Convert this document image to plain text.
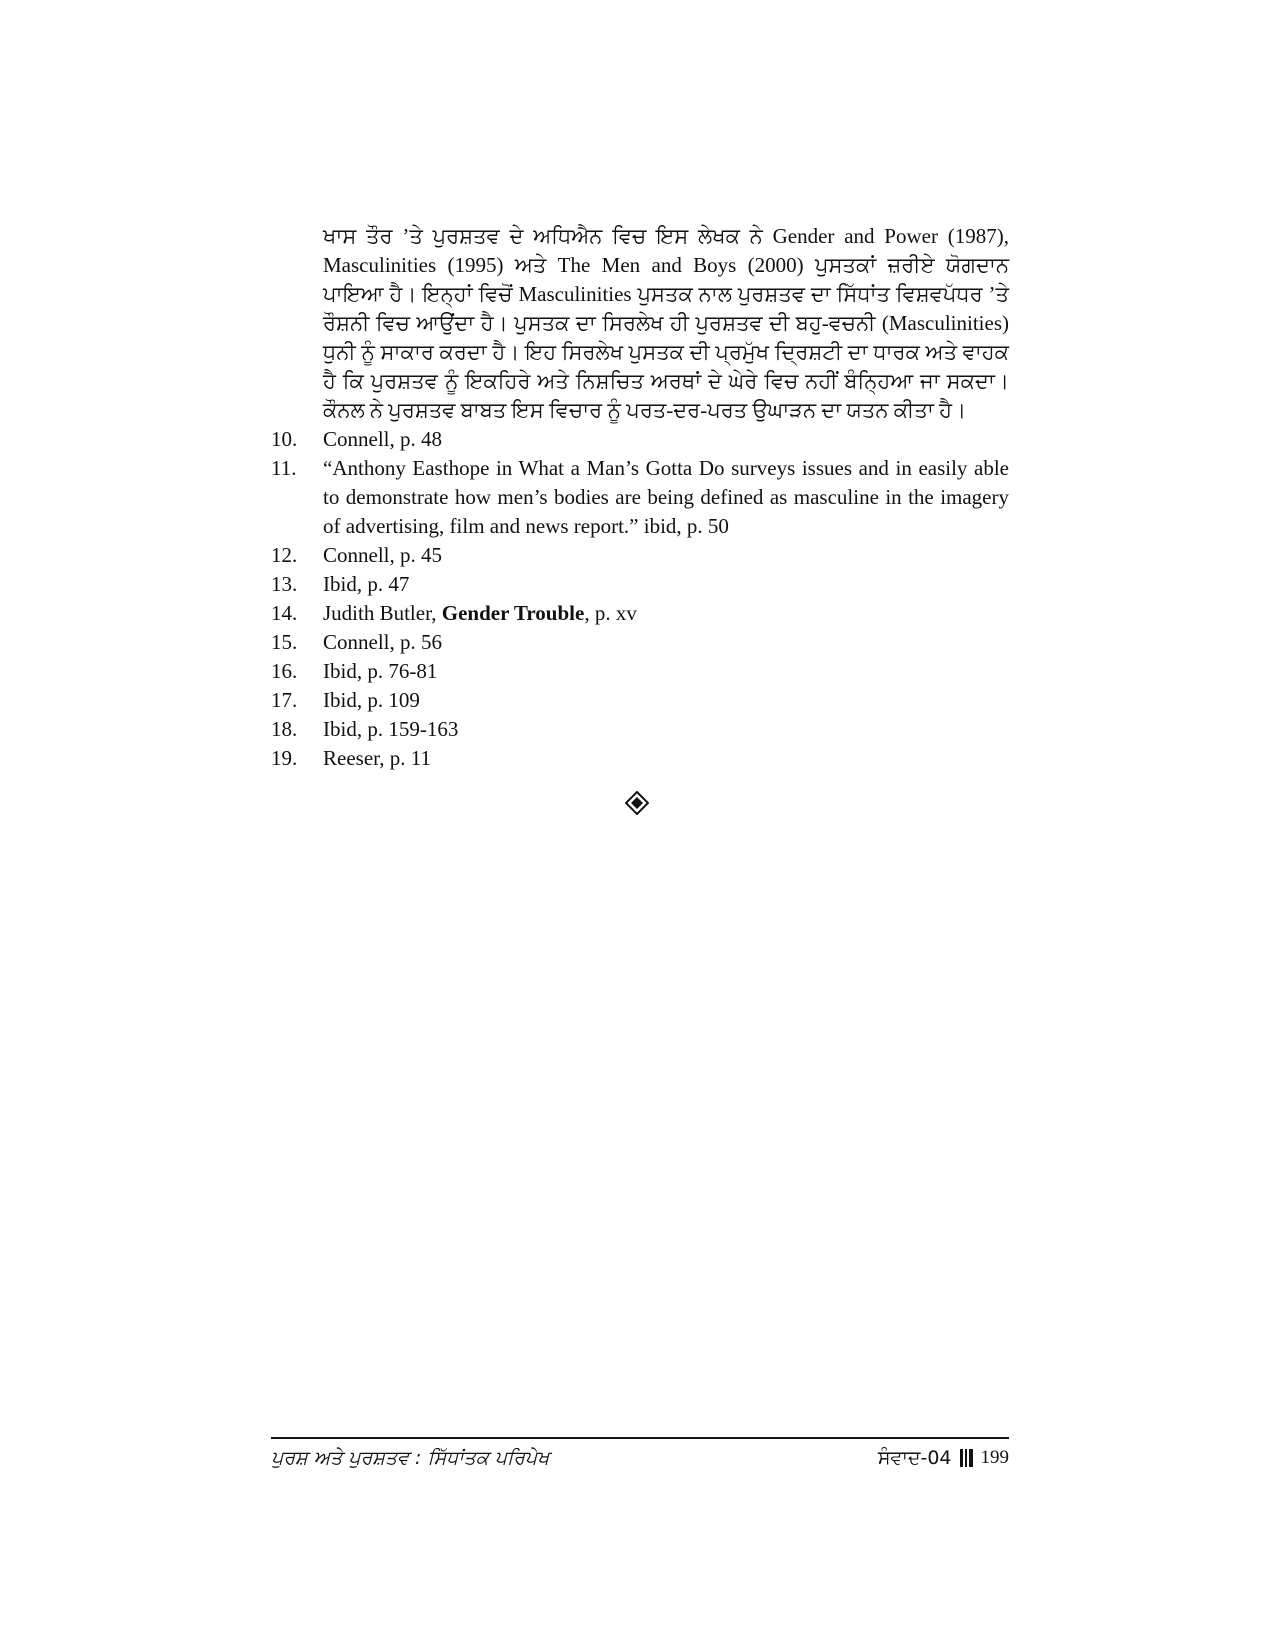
ਖਾਸ ਤੌਰ ’ਤੇ ਪੁਰਸ਼ਤਵ ਦੇ ਅਧਿਐਨ ਵਿਚ ਇਸ ਲੇਖਕ ਨੇ Gender and Power (1987), Masculinities (1995) ਅਤੇ The Men and Boys (2000) ਪੁਸਤਕਾਂ ਜ਼ਰੀਏ ਯੋਗਦਾਨ ਪਾਇਆ ਹੈ। ਇਨ੍ਹਾਂ ਵਿਚੋਂ Masculinities ਪੁਸਤਕ ਨਾਲ ਪੁਰਸ਼ਤਵ ਦਾ ਸਿੱਧਾਂਤ ਵਿਸ਼ਵਪੱਧਰ ’ਤੇ ਰੌਸ਼ਨੀ ਵਿਚ ਆਉਂਦਾ ਹੈ। ਪੁਸਤਕ ਦਾ ਸਿਰਲੇਖ ਹੀ ਪੁਰਸ਼ਤਵ ਦੀ ਬਹੁ-ਵਚਨੀ (Masculinities) ਧੁਨੀ ਨੂੰ ਸਾਕਾਰ ਕਰਦਾ ਹੈ। ਇਹ ਸਿਰਲੇਖ ਪੁਸਤਕ ਦੀ ਪ੍ਰਮੁੱਖ ਦ੍ਰਿਸ਼ਟੀ ਦਾ ਧਾਰਕ ਅਤੇ ਵਾਹਕ ਹੈ ਕਿ ਪੁਰਸ਼ਤਵ ਨੂੰ ਇਕਹਿਰੇ ਅਤੇ ਨਿਸ਼ਚਿਤ ਅਰਥਾਂ ਦੇ ਘੇਰੇ ਵਿਚ ਨਹੀਂ ਬੰਨ੍ਹਿਆ ਜਾ ਸਕਦਾ। ਕੌਨਲ ਨੇ ਪੁਰਸ਼ਤਵ ਬਾਬਤ ਇਸ ਵਿਚਾਰ ਨੂੰ ਪਰਤ-ਦਰ-ਪਰਤ ਉਘਾੜਨ ਦਾ ਯਤਨ ਕੀਤਾ ਹੈ।
10.	Connell, p. 48
11.	“Anthony Easthope in What a Man’s Gotta Do surveys issues and in easily able to demonstrate how men’s bodies are being defined as masculine in the imagery of advertising, film and news report.” ibid, p. 50
12.	Connell, p. 45
13.	Ibid, p. 47
14.	Judith Butler, Gender Trouble, p. xv
15.	Connell, p. 56
16.	Ibid, p. 76-81
17.	Ibid, p. 109
18.	Ibid, p. 159-163
19.	Reeser, p. 11
ਪੁਰਸ਼ ਅਤੇ ਪੁਰਸ਼ਤਵ : ਸਿੱਧਾਂਤਕ ਪਰਿਪੇਖ	ਸੰਵਾਦ-04 199
